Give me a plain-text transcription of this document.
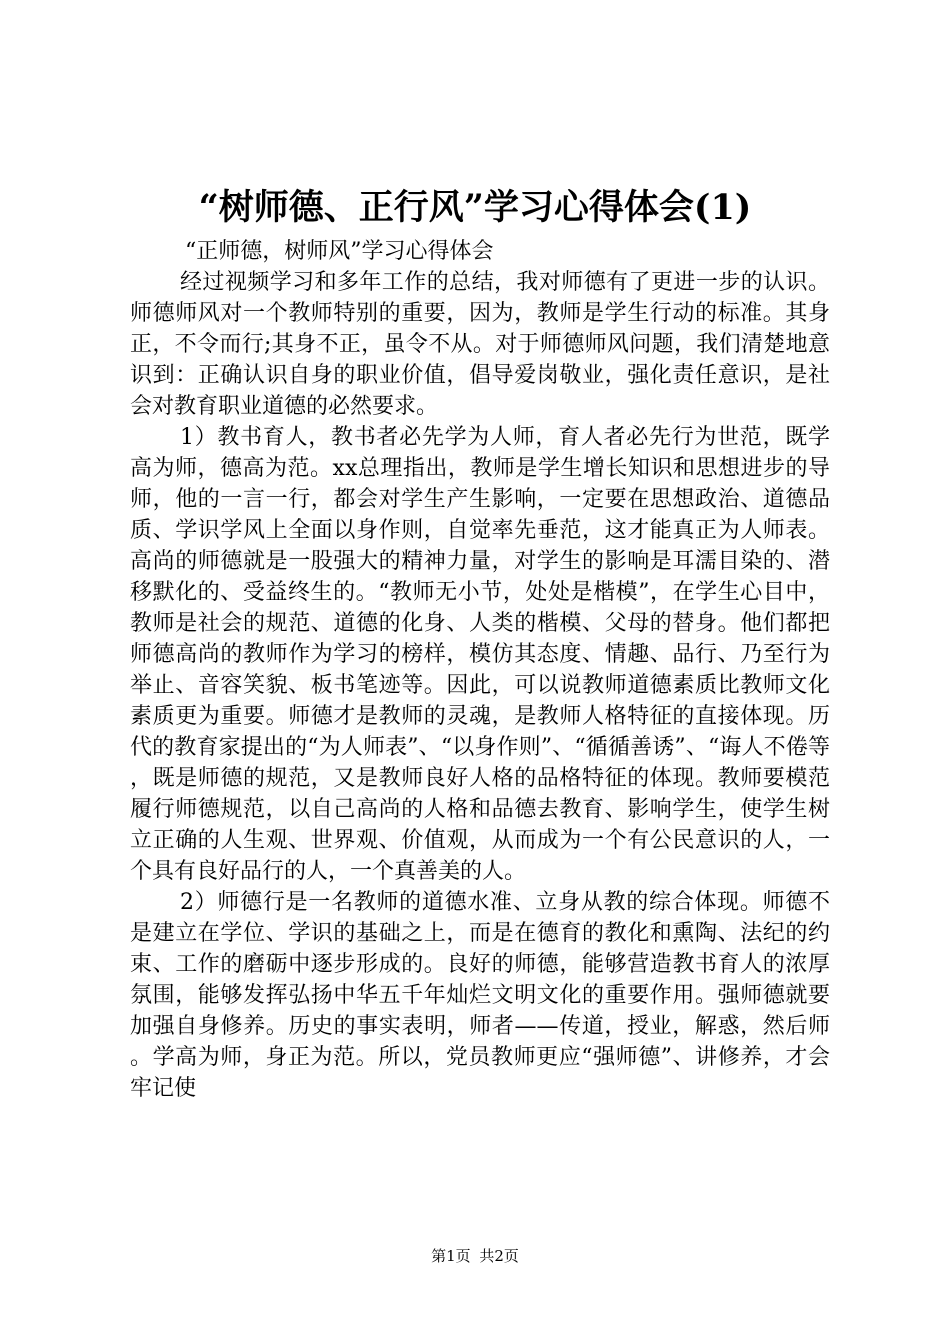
“树师德、正行风”学习心得体会(1)

“正师德，树师风”学习心得体会

经过视频学习和多年工作的总结，我对师德有了更进一步的认识。师德师风对一个教师特别的重要，因为，教师是学生行动的标准。其身正，不令而行;其身不正，虽令不从。对于师德师风问题，我们清楚地意识到：正确认识自身的职业价值，倡导爱岗敬业，强化责任意识，是社会对教育职业道德的必然要求。

1）教书育人，教书者必先学为人师，育人者必先行为世范，既学高为师，德高为范。xx总理指出，教师是学生增长知识和思想进步的导师，他的一言一行，都会对学生产生影响，一定要在思想政治、道德品质、学识学风上全面以身作则，自觉率先垂范，这才能真正为人师表。高尚的师德就是一股强大的精神力量，对学生的影响是耳濡目染的、潜移默化的、受益终生的。“教师无小节，处处是楷模”，在学生心目中，教师是社会的规范、道德的化身、人类的楷模、父母的替身。他们都把师德高尚的教师作为学习的榜样，模仿其态度、情趣、品行、乃至行为举止、音容笑貌、板书笔迹等。因此，可以说教师道德素质比教师文化素质更为重要。师德才是教师的灵魂，是教师人格特征的直接体现。历代的教育家提出的“为人师表”、“以身作则”、“循循善诱”、“诲人不倦等，既是师德的规范，又是教师良好人格的品格特征的体现。教师要模范履行师德规范，以自己高尚的人格和品德去教育、影响学生，使学生树立正确的人生观、世界观、价值观，从而成为一个有公民意识的人，一个具有良好品行的人，一个真善美的人。

2）师德行是一名教师的道德水准、立身从教的综合体现。师德不是建立在学位、学识的基础之上，而是在德育的教化和熏陶、法纪的约束、工作的磨砺中逐步形成的。良好的师德，能够营造教书育人的浓厚氛围，能够发挥弘扬中华五千年灿烂文明文化的重要作用。强师德就要加强自身修养。历史的事实表明，师者——传道，授业，解惑，然后师。学高为师，身正为范。所以，党员教师更应“强师德”、讲修养，才会牢记使

第1页 共2页
